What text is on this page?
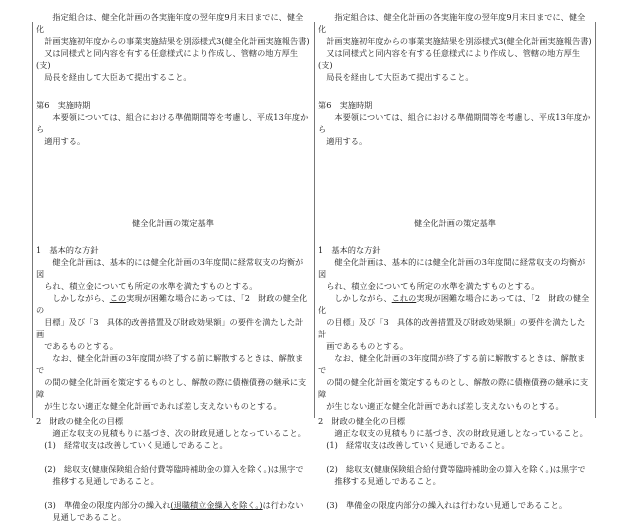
　　指定組合は、健全化計画の各実施年度の翌年度9月末日までに、健全化
　計画実施初年度からの事業実施結果を別添様式3(健全化計画実施報告書)
　又は同様式と同内容を有する任意様式により作成し、管轄の地方厚生(支)
　局長を経由して大臣あて提出すること。
第6　実施時期
　　本要領については、組合における準備期間等を考慮し、平成13年度から
　適用する。
健全化計画の策定基準
1　基本的な方針
　　健全化計画は、基本的には健全化計画の3年度間に経常収支の均衡が図
　られ、積立金についても所定の水準を満たすものとする。
　　しかしながら、この実現が困難な場合にあっては、「2　財政の健全化の
　目標」及び「3　具体的改善措置及び財政効果額」の要件を満たした計画
　であるものとする。
　　なお、健全化計画の3年度間が終了する前に解散するときは、解散まで
　の間の健全化計画を策定するものとし、解散の際に債権債務の継承に支障
　が生じない適正な健全化計画であれば差し支えないものとする。
2　財政の健全化の目標
　　適正な収支の見積もりに基づき、次の財政見通しとなっていること。
　(1)　経常収支は改善していく見通しであること。
　(2)　総収支(健康保険組合給付費等臨時補助金の算入を除く。)は黒字で
　　推移する見通しであること。
　(3)　準備金の限度内部分の繰入れ(退職積立金繰入を除く。)は行わない
　　見通しであること。
　　指定組合は、健全化計画の各実施年度の翌年度9月末日までに、健全化
　計画実施初年度からの事業実施結果を別添様式3(健全化計画実施報告書)
　又は同様式と同内容を有する任意様式により作成し、管轄の地方厚生(支)
　局長を経由して大臣あて提出すること。
第6　実施時期
　　本要領については、組合における準備期間等を考慮し、平成13年度から
　適用する。
健全化計画の策定基準
1　基本的な方針
　　健全化計画は、基本的には健全化計画の3年度間に経常収支の均衡が図
　られ、積立金についても所定の水準を満たすものとする。
　　しかしながら、これの実現が困難な場合にあっては、「2　財政の健全化
　の目標」及び「3　具体的改善措置及び財政効果額」の要件を満たした計
　画であるものとする。
　　なお、健全化計画の3年度間が終了する前に解散するときは、解散まで
　の間の健全化計画を策定するものとし、解散の際に債権債務の継承に支障
　が生じない適正な健全化計画であれば差し支えないものとする。
2　財政の健全化の目標
　　適正な収支の見積もりに基づき、次の財政見通しとなっていること。
　(1)　経常収支は改善していく見通しであること。
　(2)　総収支(健康保険組合給付費等臨時補助金の算入を除く。)は黒字で
　　推移する見通しであること。
　(3)　準備金の限度内部分の繰入れは行わない見通しであること。
